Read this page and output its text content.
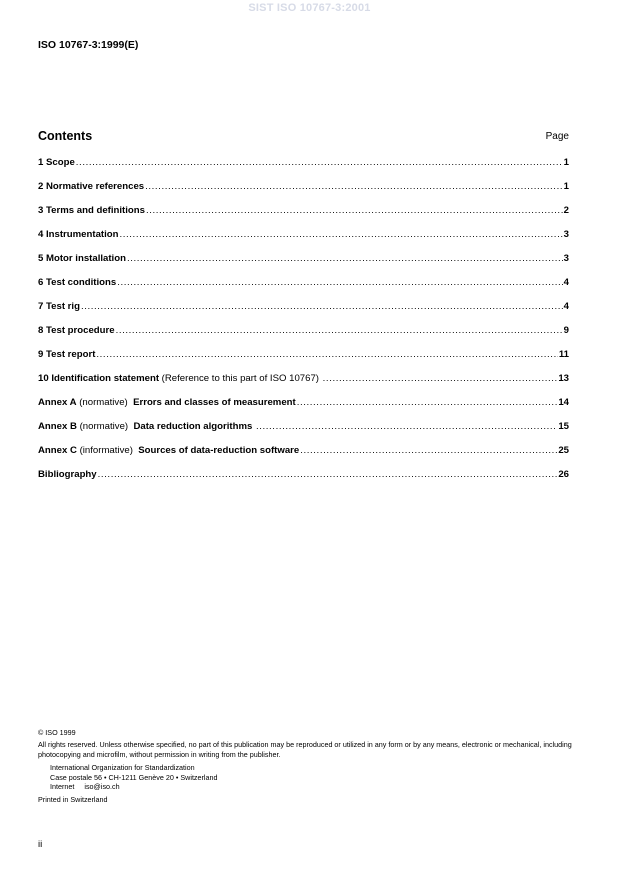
SIST ISO 10767-3:2001
ISO 10767-3:1999(E)
Contents	Page
1 Scope .....	1
2 Normative references .....	1
3 Terms and definitions .....	2
4 Instrumentation .....	3
5 Motor installation .....	3
6 Test conditions .....	4
7 Test rig .....	4
8 Test procedure .....	9
9 Test report .....	11
10 Identification statement (Reference to this part of ISO 10767) .....	13
Annex A (normative)  Errors and classes of measurement .....	14
Annex B (normative)  Data reduction algorithms .....	15
Annex C (informative)  Sources of data-reduction software .....	25
Bibliography .....	26
© ISO 1999
All rights reserved. Unless otherwise specified, no part of this publication may be reproduced or utilized in any form or by any means, electronic or mechanical, including photocopying and microfilm, without permission in writing from the publisher.
International Organization for Standardization
Case postale 56 • CH-1211 Genève 20 • Switzerland
Internet     iso@iso.ch
Printed in Switzerland
ii
